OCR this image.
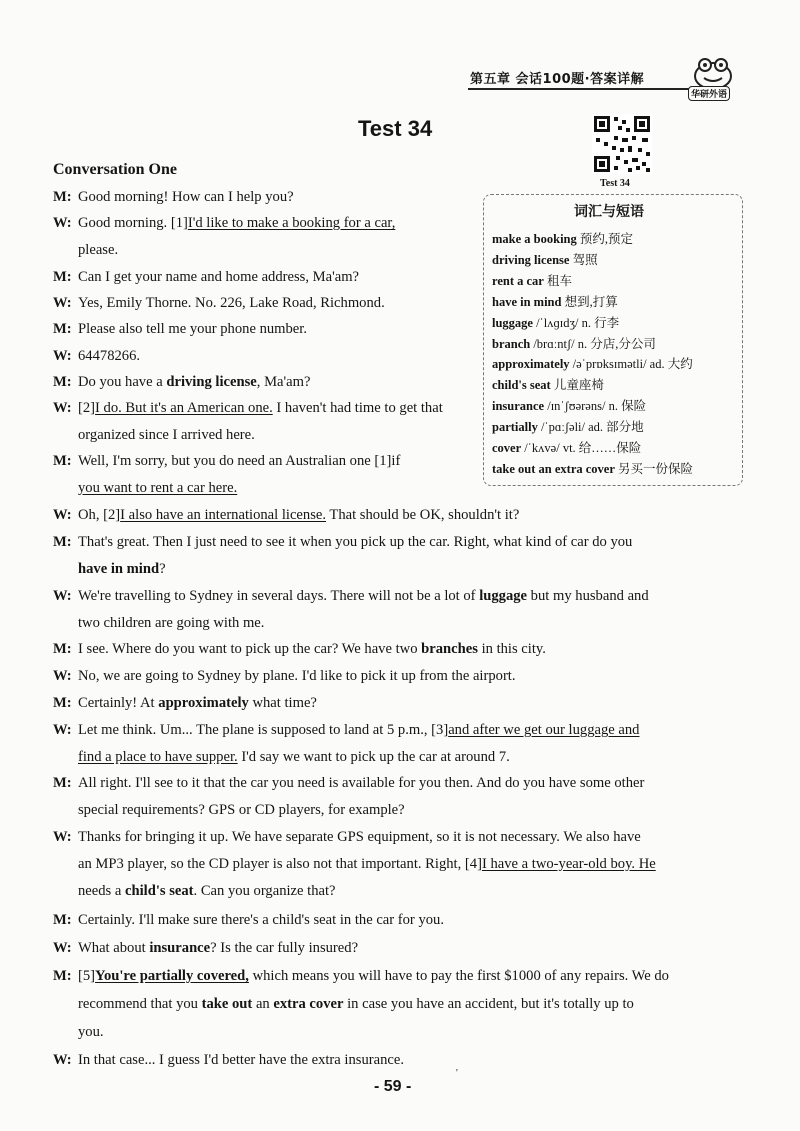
第五章 会话100题·答案详解
华研外语
Test 34
Test 34
Conversation One
词汇与短语
make a booking 预约,预定
driving license 驾照
rent a car 租车
have in mind 想到,打算
luggage /ˈlʌɡɪdʒ/ n. 行李
branch /brɑːntʃ/ n. 分店,分公司
approximately /əˈprɒksɪmətli/ ad. 大约
child's seat 儿童座椅
insurance /ɪnˈʃʊərəns/ n. 保险
partially /ˈpɑːʃəli/ ad. 部分地
cover /ˈkʌvə/ vt. 给……保险
take out an extra cover 另买一份保险
M: Good morning! How can I help you?
W: Good morning. [1]I'd like to make a booking for a car,
please.
M: Can I get your name and home address, Ma'am?
W: Yes, Emily Thorne. No. 226, Lake Road, Richmond.
M: Please also tell me your phone number.
W: 64478266.
M: Do you have a driving license, Ma'am?
W: [2]I do. But it's an American one. I haven't had time to get that
organized since I arrived here.
M: Well, I'm sorry, but you do need an Australian one [1]if
you want to rent a car here.
W: Oh, [2]I also have an international license. That should be OK, shouldn't it?
M: That's great. Then I just need to see it when you pick up the car. Right, what kind of car do you
have in mind?
W: We're travelling to Sydney in several days. There will not be a lot of luggage but my husband and
two children are going with me.
M: I see. Where do you want to pick up the car? We have two branches in this city.
W: No, we are going to Sydney by plane. I'd like to pick it up from the airport.
M: Certainly! At approximately what time?
W: Let me think. Um... The plane is supposed to land at 5 p.m., [3]and after we get our luggage and
find a place to have supper. I'd say we want to pick up the car at around 7.
M: All right. I'll see to it that the car you need is available for you then. And do you have some other
special requirements? GPS or CD players, for example?
W: Thanks for bringing it up. We have separate GPS equipment, so it is not necessary. We also have
an MP3 player, so the CD player is also not that important. Right, [4]I have a two-year-old boy. He
needs a child's seat. Can you organize that?
M: Certainly. I'll make sure there's a child's seat in the car for you.
W: What about insurance? Is the car fully insured?
M: [5]You're partially covered, which means you will have to pay the first $1000 of any repairs. We do
recommend that you take out an extra cover in case you have an accident, but it's totally up to
you.
W: In that case... I guess I'd better have the extra insurance.
- 59 -
'
